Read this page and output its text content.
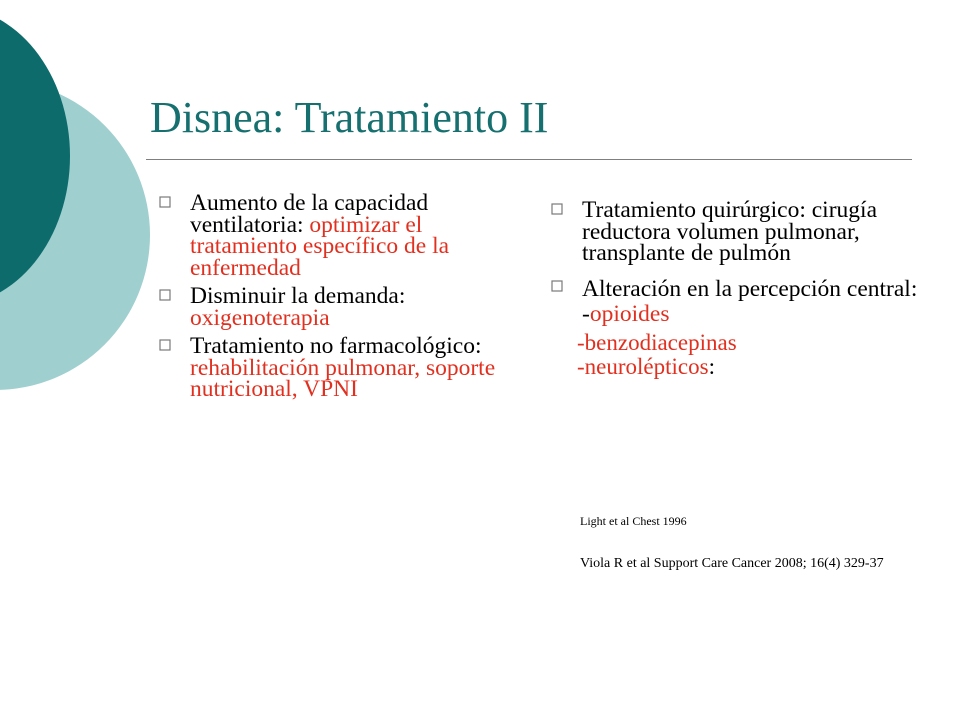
Disnea: Tratamiento II
Aumento de la capacidad ventilatoria: optimizar el tratamiento específico de la enfermedad
Disminuir la demanda: oxigenoterapia
Tratamiento no farmacológico: rehabilitación pulmonar, soporte nutricional, VPNI
Tratamiento quirúrgico: cirugía reductora volumen pulmonar, transplante de pulmón
Alteración en la percepción central:
-opioides
-benzodiacepinas
-neurolépticos:
Light et al Chest 1996
Viola R et al Support Care Cancer 2008; 16(4) 329-37
